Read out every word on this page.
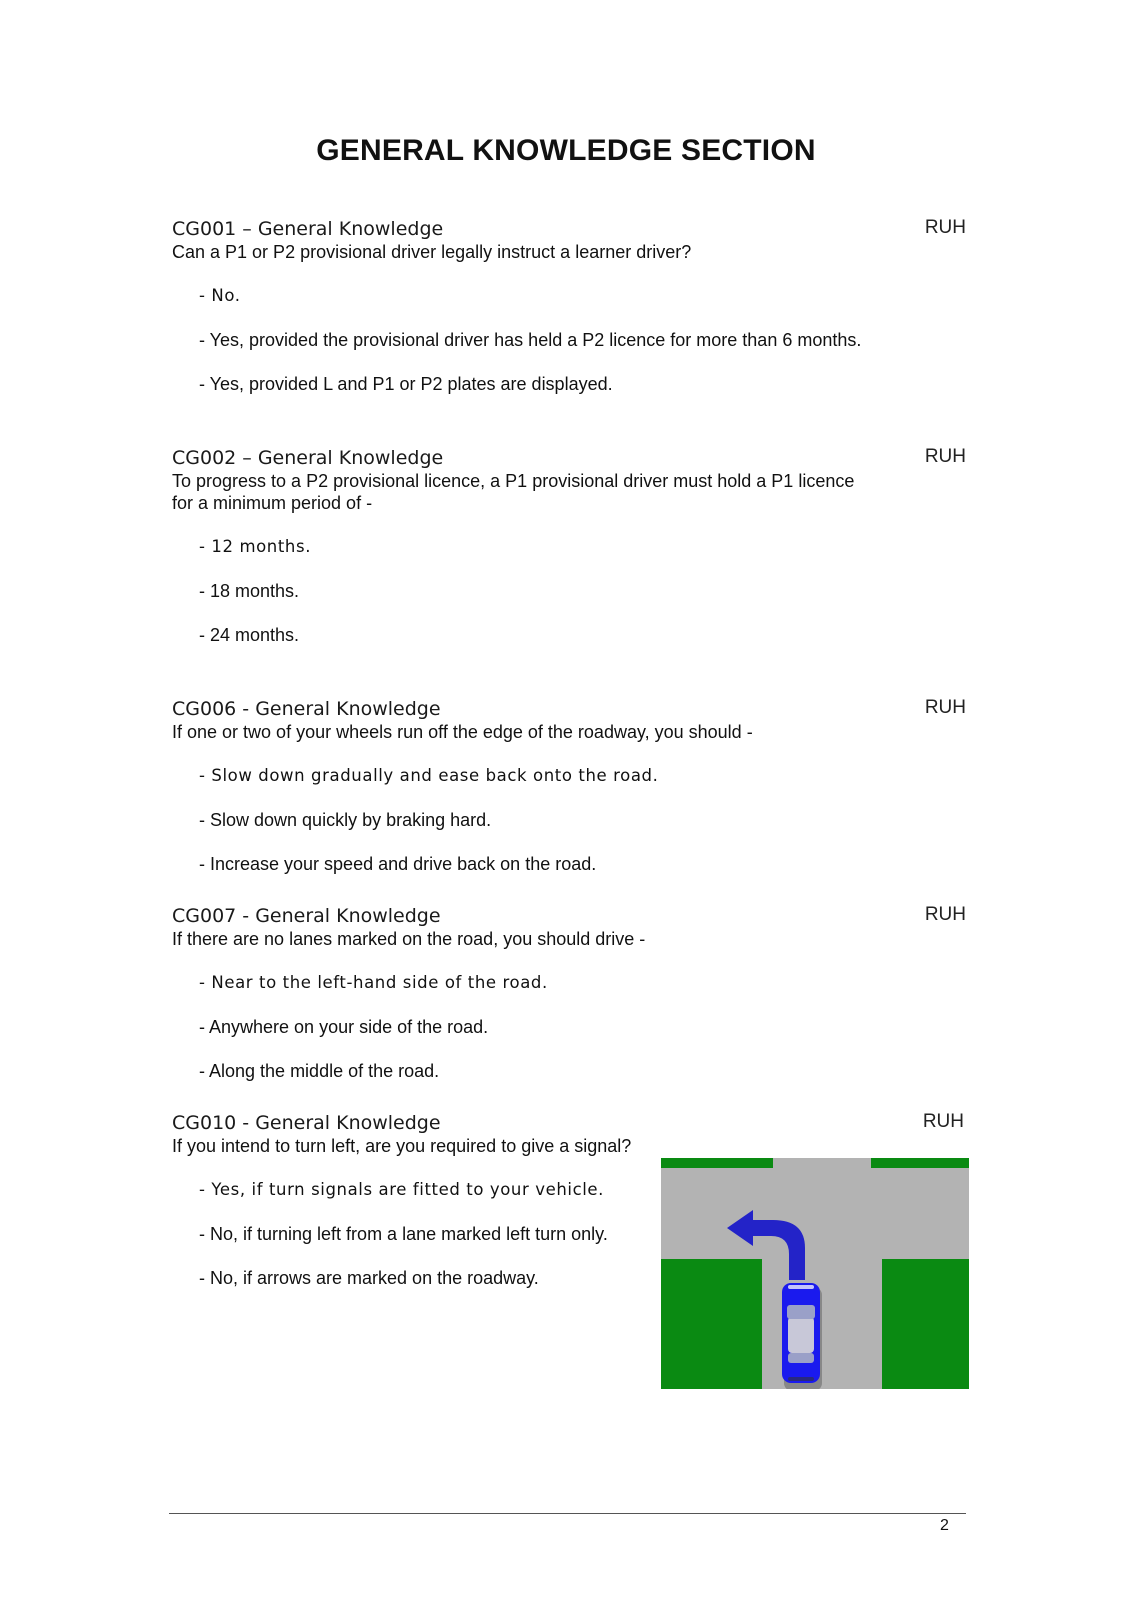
GENERAL KNOWLEDGE SECTION
CG001 – General Knowledge	RUH
Can a P1 or P2 provisional driver legally instruct a learner driver?
- No.
- Yes, provided the provisional driver has held a P2 licence for more than 6 months.
- Yes, provided L and P1 or P2 plates are displayed.
CG002 – General Knowledge	RUH
To progress to a P2 provisional licence, a P1 provisional driver must hold a P1 licence for a minimum period of -
- 12 months.
- 18 months.
- 24 months.
CG006 - General Knowledge	RUH
If one or two of your wheels run off the edge of the roadway, you should -
- Slow down gradually and ease back onto the road.
- Slow down quickly by braking hard.
- Increase your speed and drive back on the road.
CG007 - General Knowledge	RUH
If there are no lanes marked on the road, you should drive -
- Near to the left-hand side of the road.
- Anywhere on your side of the road.
- Along the middle of the road.
CG010 - General Knowledge	RUH
If you intend to turn left, are you required to give a signal?
- Yes, if turn signals are fitted to your vehicle.
- No, if turning left from a lane marked left turn only.
- No, if arrows are marked on the roadway.
2
